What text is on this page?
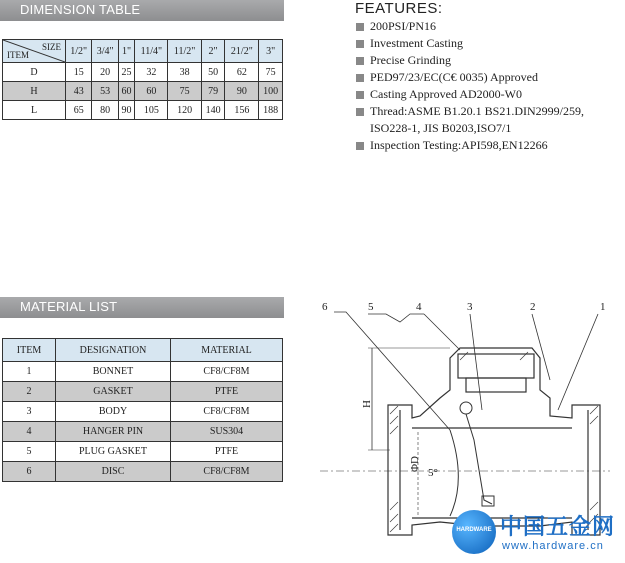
DIMENSION TABLE
SIZE
ITEM	1/2"	3/4"	1"	11/4"	11/2"	2"	21/2"	3"
D	15	20	25	32	38	50	62	75
H	43	53	60	60	75	79	90	100
L	65	80	90	105	120	140	156	188
FEATURES:
200PSI/PN16
Investment Casting
Precise Grinding
PED97/23/EC(C€ 0035) Approved
Casting Approved AD2000-W0
Thread:ASME B1.20.1 BS21.DIN2999/259,
ISO228-1, JIS B0203,ISO7/1
Inspection Testing:API598,EN12266
MATERIAL LIST
ITEM	DESIGNATION	MATERIAL
1	BONNET	CF8/CF8M
2	GASKET	PTFE
3	BODY	CF8/CF8M
4	HANGER PIN	SUS304
5	PLUG GASKET	PTFE
6	DISC	CF8/CF8M
6	5	4	3	2	1
H
ΦD
5°
HARDWARE 中国五金网
www.hardware.cn
